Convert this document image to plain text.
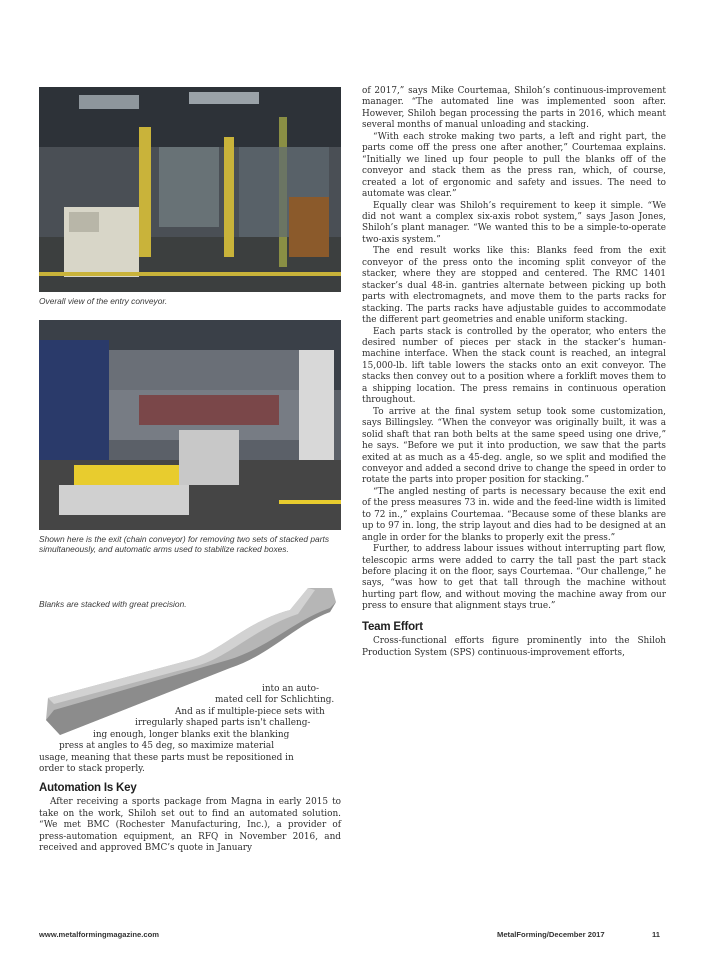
Overall view of the entry conveyor.
Shown here is the exit (chain conveyor) for removing two sets of stacked parts simultaneously, and automatic arms used to stabilize racked boxes.
Blanks are stacked with great precision.
into an auto-
mated cell for Schlichting.
And as if multiple-piece sets with
irregularly shaped parts isn't challeng-
ing enough, longer blanks exit the blanking
press at angles to 45 deg, so maximize material
usage, meaning that these parts must be repositioned in
order to stack properly.
Automation Is Key

After receiving a sports package from Magna in early 2015 to take on the work, Shiloh set out to find an automated solution. “We met BMC (Rochester Manufacturing, Inc.), a provider of press-automation equipment, an RFQ in November 2016, and received and approved BMC’s quote in January

of 2017,” says Mike Courtemaa, Shiloh’s continuous-improvement manager. “The automated line was implemented soon after. However, Shiloh began processing the parts in 2016, which meant several months of manual unloading and stacking.

“With each stroke making two parts, a left and right part, the parts come off the press one after another,” Courtemaa explains. “Initially we lined up four people to pull the blanks off of the conveyor and stack them as the press ran, which, of course, created a lot of ergonomic and safety and issues. The need to automate was clear.”

Equally clear was Shiloh’s requirement to keep it simple. “We did not want a complex six-axis robot system,” says Jason Jones, Shiloh’s plant manager. “We wanted this to be a simple-to-operate two-axis system.”

The end result works like this: Blanks feed from the exit conveyor of the press onto the incoming split conveyor of the stacker, where they are stopped and centered. The RMC 1401 stacker’s dual 48-in. gantries alternate between picking up both parts with electromagnets, and move them to the parts racks for stacking. The parts racks have adjustable guides to accommodate the different part geometries and enable uniform stacking.

Each parts stack is controlled by the operator, who enters the desired number of pieces per stack in the stacker’s human-machine interface. When the stack count is reached, an integral 15,000-lb. lift table lowers the stacks onto an exit conveyor. The stacks then convey out to a position where a forklift moves them to a shipping location. The press remains in continuous operation throughout.

To arrive at the final system setup took some customization, says Billingsley. “When the conveyor was originally built, it was a solid shaft that ran both belts at the same speed using one drive,” he says. “Before we put it into production, we saw that the parts exited at as much as a 45-deg. angle, so we split and modified the conveyor and added a second drive to change the speed in order to rotate the parts into proper position for stacking.”

“The angled nesting of parts is necessary because the exit end of the press measures 73 in. wide and the feed-line width is limited to 72 in.,” explains Courtemaa. “Because some of these blanks are up to 97 in. long, the strip layout and dies had to be designed at an angle in order for the blanks to properly exit the press.”

Further, to address labour issues without interrupting part flow, telescopic arms were added to carry the tall past the part stack before placing it on the floor, says Courtemaa. “Our challenge,” he says, “was how to get that tall through the machine without hurting part flow, and without moving the machine away from our press to ensure that alignment stays true.”

Team Effort

Cross-functional efforts figure prominently into the Shiloh Production System (SPS) continuous-improvement efforts,

www.metalformingmagazine.com	MetalForming/December 2017	11
